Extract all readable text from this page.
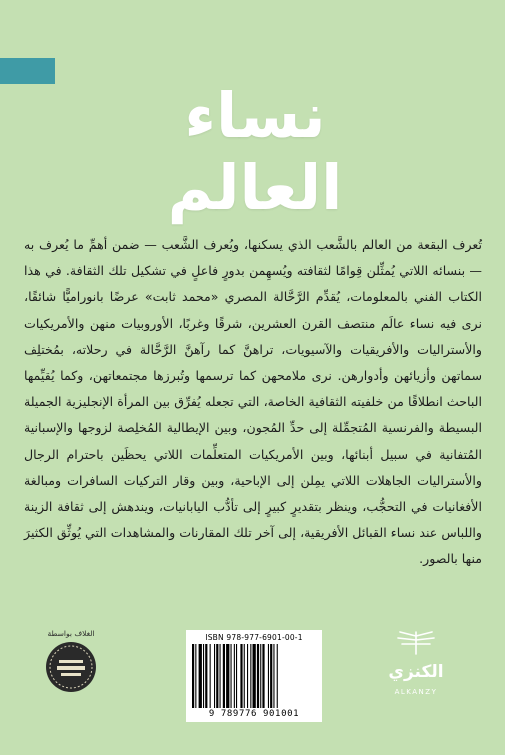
نساء
العالم
تُعرف البقعة من العالم بالشَّعب الذي يسكنها، ويُعرف الشَّعب — ضمن أهمِّ ما يُعرف به — بنسائه اللاتي يُمثِّلن قِوامًا لثقافته ويُسهِمن بدورٍ فاعلٍ في تشكيل تلك الثقافة. في هذا الكتاب الفني بالمعلومات، يُقدِّم الرَّحَّالة المصري «محمد ثابت» عرضًا بانوراميًّا شائقًا، نرى فيه نساء عالَم منتصف القرن العشرين، شرقًا وغربًا، الأوروبيات منهن والأمريكيات والأستراليات والأفريقيات والآسيويات، تراهنَّ كما رآهنَّ الرَّحَّالة في رحلاته، بمُختلِف سماتهن وأزيائهن وأدوارهن. نرى ملامحهن كما ترسمها وتُبرزها مجتمعاتهن، وكما يُقيِّمها الباحث انطلاقًا من خلفيته الثقافية الخاصة، التي تجعله يُفرِّق بين المرأة الإنجليزية الجميلة البسيطة والفرنسية المُتجمِّلة إلى حدِّ المُجون، وبين الإيطالية المُخلِصة لزوجها والإسبانية المُتفانية في سبيل أبنائها، وبين الأمريكيات المتعلِّمات اللاتي يحظَين باحترام الرجال والأستراليات الجاهلات اللاتي يمِلن إلى الإباحية، وبين وقار التركيات السافرات ومبالغة الأفغانيات في التحجُّب، وينظر بتقديرٍ كبيرٍ إلى تأدُّب اليابانيات، ويندهش إلى ثقافة الزينة واللباس عند نساء القبائل الأفريقية، إلى آخر تلك المقارنات والمشاهدات التي يُوثِّق الكثيرَ منها بالصور.
ISBN 978-977-6901-00-1
9 789776 901001
الكنزي
ALKANZY
الغلاف بواسطة
